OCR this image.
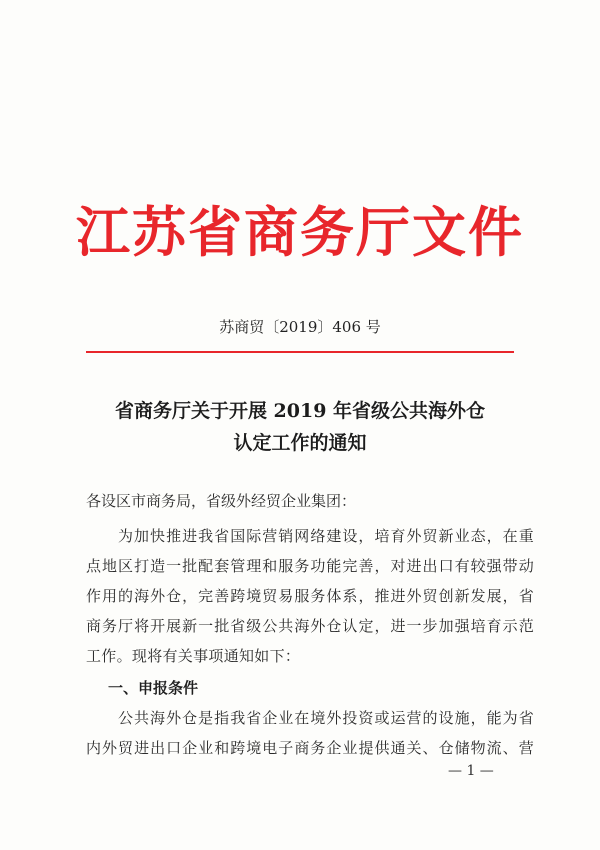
江苏省商务厅文件
苏商贸〔2019〕406 号
省商务厅关于开展 2019 年省级公共海外仓
认定工作的通知
各设区市商务局，省级外经贸企业集团：
为加快推进我省国际营销网络建设，培育外贸新业态，在重
点地区打造一批配套管理和服务功能完善，对进出口有较强带动
作用的海外仓，完善跨境贸易服务体系，推进外贸创新发展，省
商务厅将开展新一批省级公共海外仓认定，进一步加强培育示范
工作。现将有关事项通知如下：
一、申报条件
公共海外仓是指我省企业在境外投资或运营的设施，能为省
内外贸进出口企业和跨境电子商务企业提供通关、仓储物流、营
— 1 —
